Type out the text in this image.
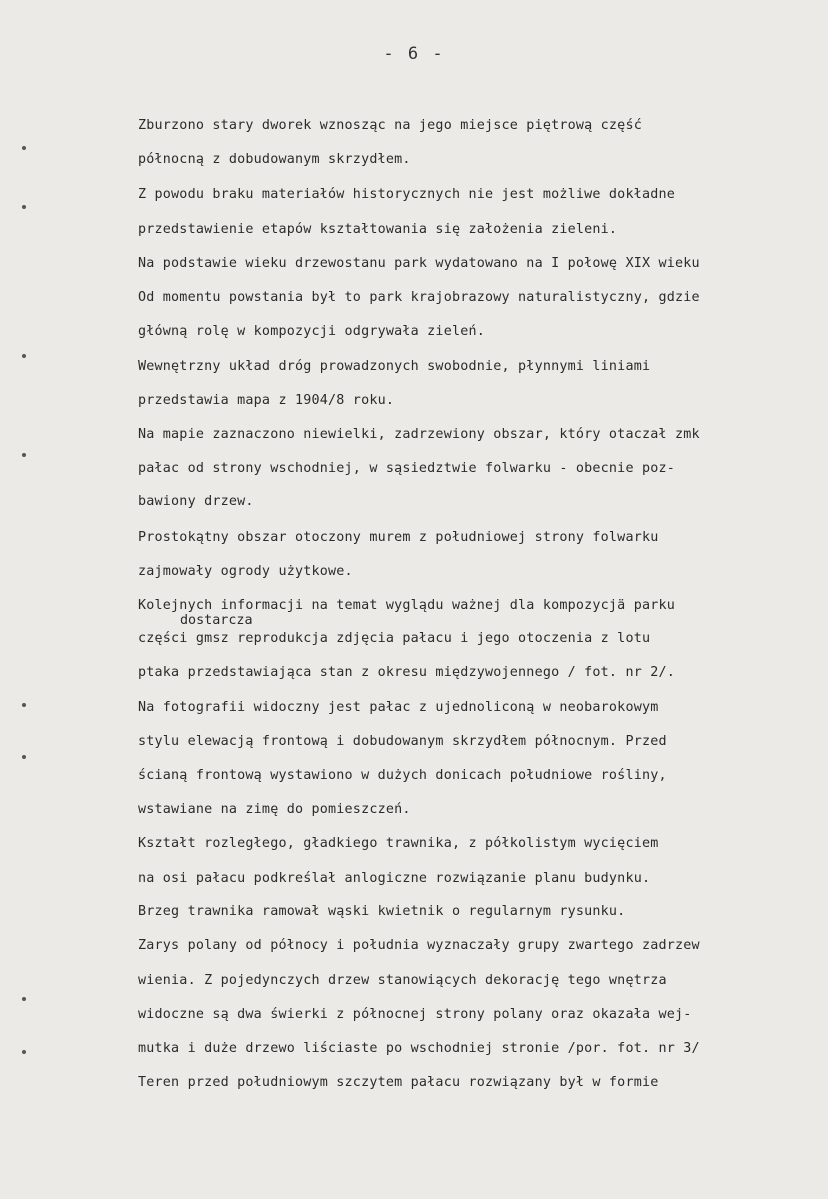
- 6 -
Zburzono stary dworek wznosząc na jego miejsce piętrową część
północną z dobudowanym skrzydłem.
Z powodu braku materiałów historycznych nie jest możliwe dokładne
przedstawienie etapów kształtowania się założenia zieleni.
Na podstawie wieku drzewostanu park wydatowano na I połowę XIX wieku
Od momentu powstania był to park krajobrazowy naturalistyczny, gdzie
główną rolę w kompozycji odgrywała zieleń.
Wewnętrzny układ dróg prowadzonych swobodnie, płynnymi liniami
przedstawia mapa z 1904/8 roku.
Na mapie zaznaczono niewielki, zadrzewiony obszar, który otaczał zmk
pałac od strony wschodniej, w sąsiedztwie folwarku - obecnie poz-
bawiony drzew.
Prostokątny obszar otoczony murem z południowej strony folwarku
zajmowały ogrody użytkowe.
Kolejnych informacji na temat wyglądu ważnej dla kompozycjä parku
dostarcza
części gmsz reprodukcja zdjęcia pałacu i jego otoczenia z lotu
ptaka przedstawiająca stan z okresu międzywojennego / fot. nr 2/.
Na fotografii widoczny jest pałac z ujednoliconą w neobarokowym
stylu elewacją frontową i dobudowanym skrzydłem północnym. Przed
ścianą frontową wystawiono w dużych donicach południowe rośliny,
wstawiane na zimę do pomieszczeń.
Kształt rozległego, gładkiego trawnika, z półkolistym wycięciem
na osi pałacu podkreślał anlogiczne rozwiązanie planu budynku.
Brzeg trawnika ramował wąski kwietnik o regularnym rysunku.
Zarys polany od północy i południa wyznaczały grupy zwartego zadrzew
wienia. Z pojedynczych drzew stanowiących dekorację tego wnętrza
widoczne są dwa świerki z północnej strony polany oraz okazała wej-
mutka i duże drzewo liściaste po wschodniej stronie /por. fot. nr 3/
Teren przed południowym szczytem pałacu rozwiązany był w formie
